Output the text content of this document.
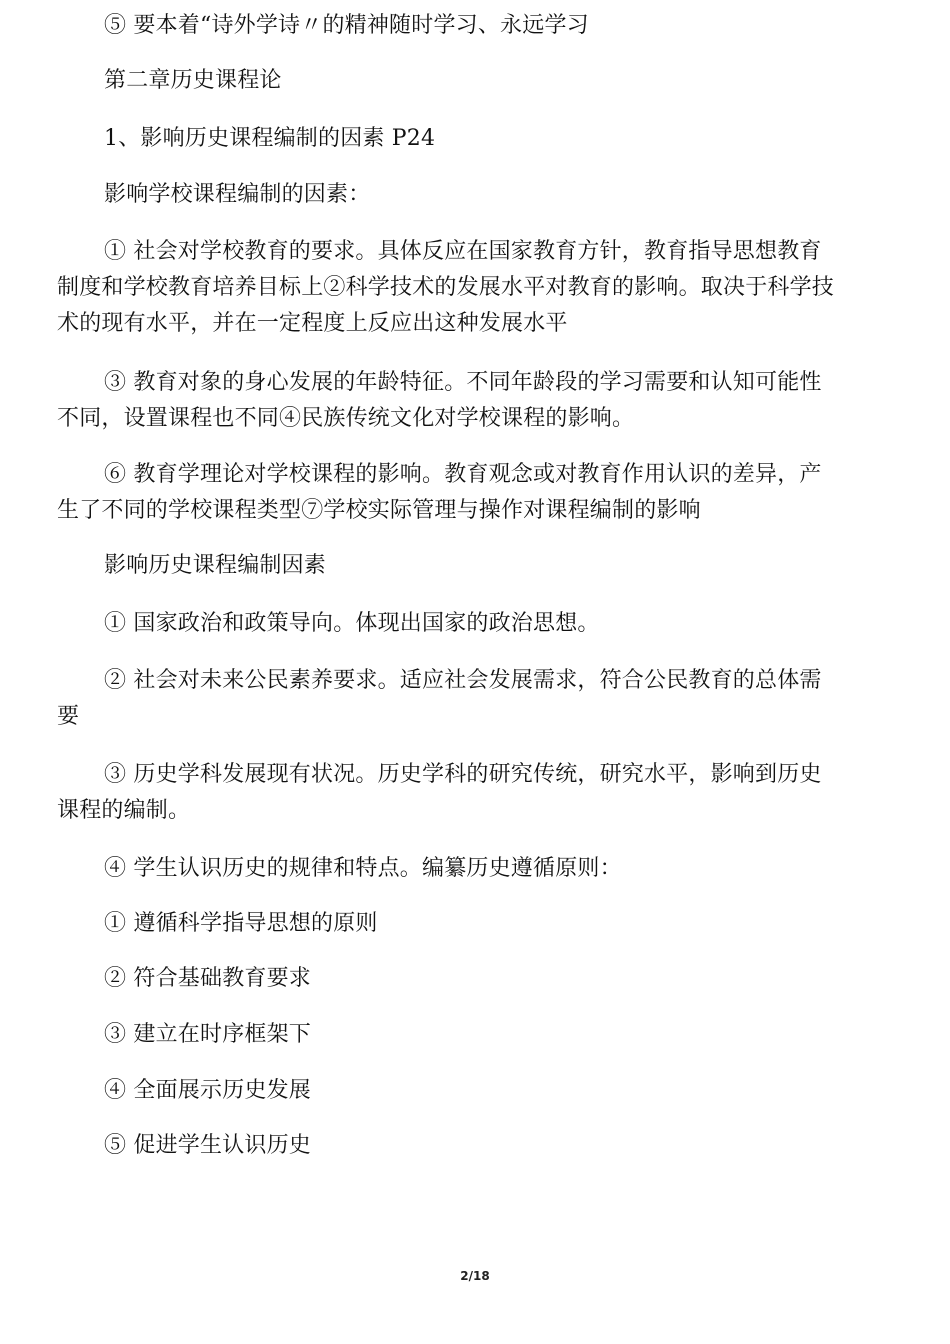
⑤ 要本着“诗外学诗〃的精神随时学习、永远学习
第二章历史课程论
1、影响历史课程编制的因素 P24
影响学校课程编制的因素：
① 社会对学校教育的要求。具体反应在国家教育方针，教育指导思想教育
制度和学校教育培养目标上②科学技术的发展水平对教育的影响。取决于科学技
术的现有水平，并在一定程度上反应出这种发展水平
③ 教育对象的身心发展的年龄特征。不同年龄段的学习需要和认知可能性
不同，设置课程也不同④民族传统文化对学校课程的影响。
⑥ 教育学理论对学校课程的影响。教育观念或对教育作用认识的差异，产
生了不同的学校课程类型⑦学校实际管理与操作对课程编制的影响
影响历史课程编制因素
① 国家政治和政策导向。体现出国家的政治思想。
② 社会对未来公民素养要求。适应社会发展需求，符合公民教育的总体需
要
③ 历史学科发展现有状况。历史学科的研究传统，研究水平，影响到历史
课程的编制。
④ 学生认识历史的规律和特点。编纂历史遵循原则：
① 遵循科学指导思想的原则
② 符合基础教育要求
③ 建立在时序框架下
④ 全面展示历史发展
⑤ 促进学生认识历史
2/18
